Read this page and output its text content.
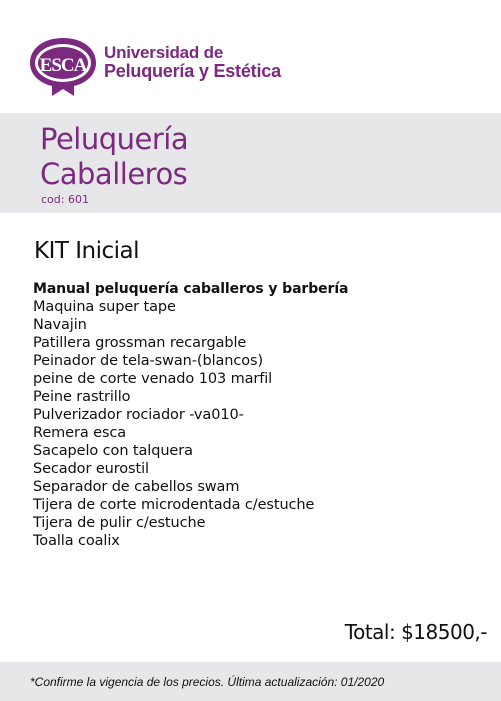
ESCA
Universidad de
Peluquería y Estética
Peluquería
Caballeros
cod: 601
KIT Inicial
Manual peluquería caballeros y barbería
Maquina super tape
Navajin
Patillera grossman recargable
Peinador de tela-swan-(blancos)
peine de corte venado 103 marfil
Peine rastrillo
Pulverizador rociador -va010-
Remera esca
Sacapelo con talquera
Secador eurostil
Separador de cabellos swam
Tijera de corte microdentada c/estuche
Tijera de pulir c/estuche
Toalla coalix
Total: $18500,-
*Confirme la vigencia de los precios. Última actualización: 01/2020
